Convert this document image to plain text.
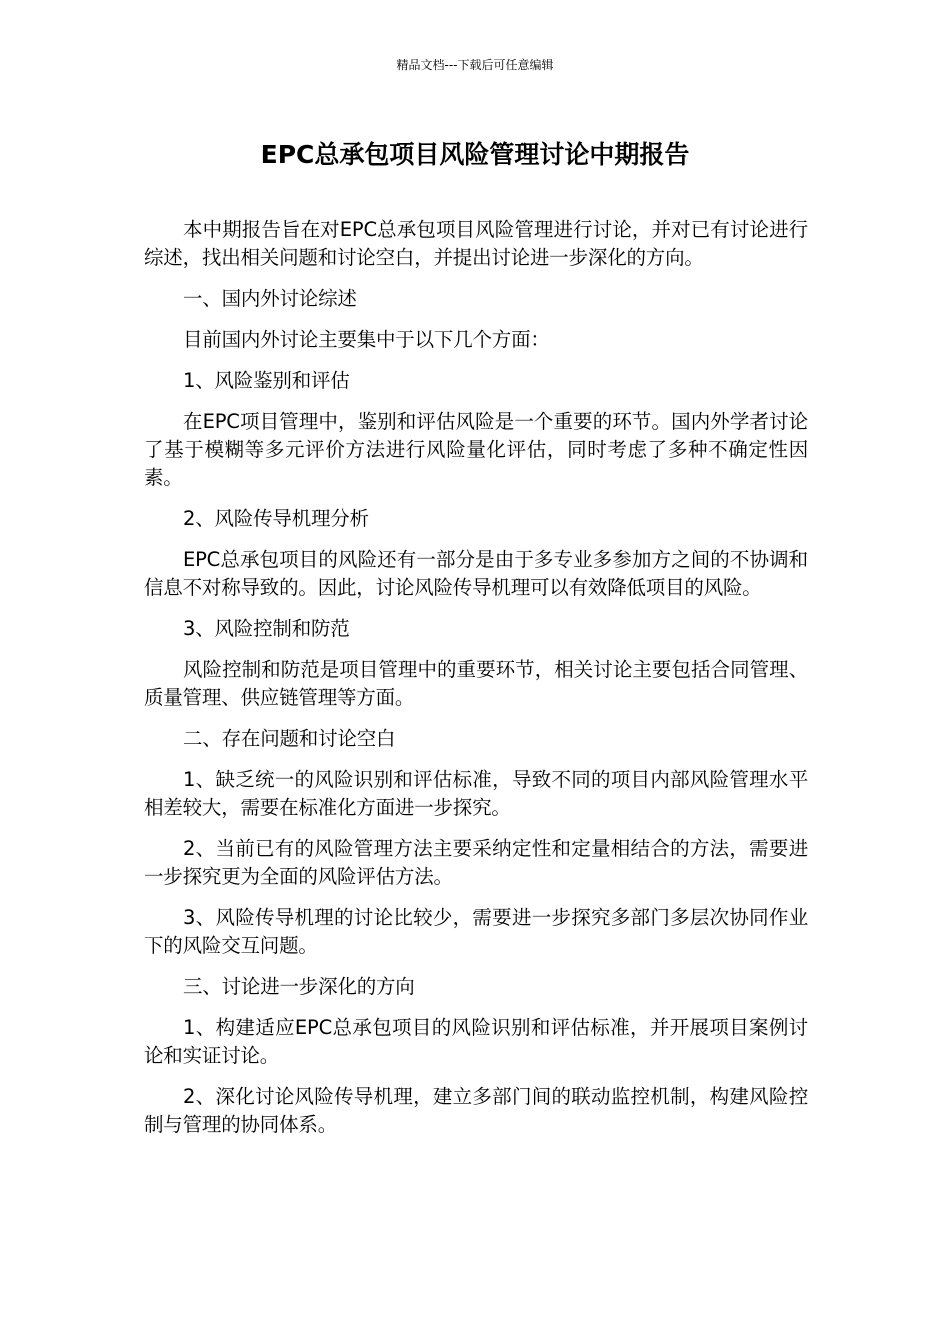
精品文档---下载后可任意编辑
EPC总承包项目风险管理讨论中期报告

本中期报告旨在对EPC总承包项目风险管理进行讨论，并对已有讨论进行综述，找出相关问题和讨论空白，并提出讨论进一步深化的方向。

一、国内外讨论综述

目前国内外讨论主要集中于以下几个方面：

1、风险鉴别和评估

在EPC项目管理中，鉴别和评估风险是一个重要的环节。国内外学者讨论了基于模糊等多元评价方法进行风险量化评估，同时考虑了多种不确定性因素。

2、风险传导机理分析

EPC总承包项目的风险还有一部分是由于多专业多参加方之间的不协调和信息不对称导致的。因此，讨论风险传导机理可以有效降低项目的风险。

3、风险控制和防范

风险控制和防范是项目管理中的重要环节，相关讨论主要包括合同管理、质量管理、供应链管理等方面。

二、存在问题和讨论空白

1、缺乏统一的风险识别和评估标准，导致不同的项目内部风险管理水平相差较大，需要在标准化方面进一步探究。

2、当前已有的风险管理方法主要采纳定性和定量相结合的方法，需要进一步探究更为全面的风险评估方法。

3、风险传导机理的讨论比较少，需要进一步探究多部门多层次协同作业下的风险交互问题。

三、讨论进一步深化的方向

1、构建适应EPC总承包项目的风险识别和评估标准，并开展项目案例讨论和实证讨论。

2、深化讨论风险传导机理，建立多部门间的联动监控机制，构建风险控制与管理的协同体系。
